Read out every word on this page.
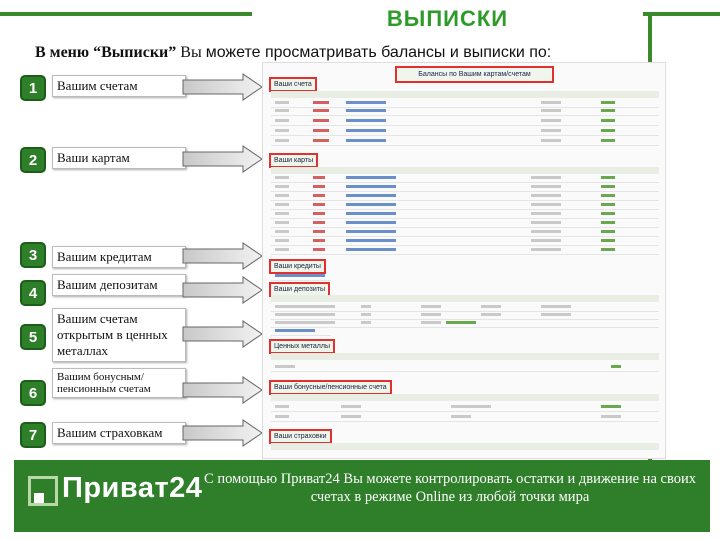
ВЫПИСКИ
В меню “Выписки” Вы можете просматривать балансы и выписки по:
1	Вашим счетам
2	Ваши картам
3	Вашим кредитам
4	Вашим депозитам
5
Вашим счетам открытым в ценных металлах
6
Вашим бонусным/пенсионным счетам
7	Вашим страховкам
Балансы по Вашим картам/счетам
Ваши счета
Ваши карты
Ваши кредиты
Ваши депозиты
Ценных металлы
Ваши бонусные/пенсионные счета
Ваши страховки
Приват24 С помощью Приват24 Вы можете контролировать остатки и движение на своих счетах в режиме Online из любой точки мира
